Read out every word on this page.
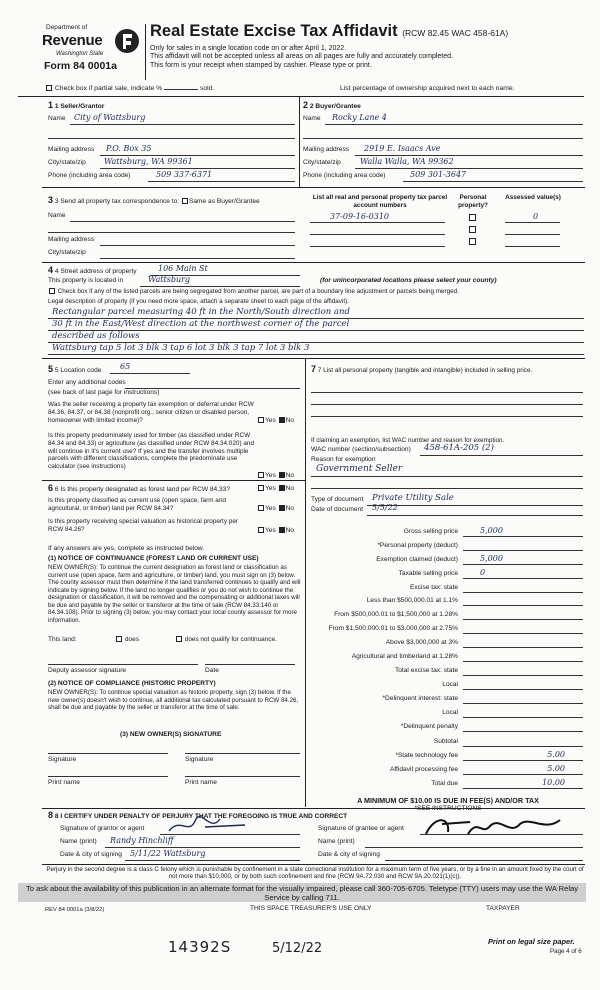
Department of
Revenue
Washington State
Form 84 0001a
Real Estate Excise Tax Affidavit (RCW 82.45 WAC 458-61A)
Only for sales in a single location code on or after April 1, 2022.
This affidavit will not be accepted unless all areas on all pages are fully and accurately completed.
This form is your receipt when stamped by cashier. Please type or print.
Check box if partial sale, indicate %	sold.	List percentage of ownership acquired next to each name.
1 1 Seller/Grantor
Name City of Wattsburg
Mailing address P.O. Box 35
City/state/zip Wattsburg, WA 99361
Phone (including area code)	509 337-6371
2 2 Buyer/Grantee
Name Rocky Lane 4
Mailing address 2919 E. Isaacs Ave
City/state/zip Walla Walla, WA 99362
Phone (including area code)	509 301-3647
3 3 Send all property tax correspondence to: Same as Buyer/Grantee
Name
Mailing address
City/state/zip
List all real and personal property tax parcel account numbers
Personal property?
Assessed value(s)
37-09-16-0310	0
4 4 Street address of property	106 Main St
This property is located in	Wattsburg	(for unincorporated locations please select your county)
Check box if any of the listed parcels are being segregated from another parcel, are part of a boundary line adjustment or parcels being merged.
Legal description of property (if you need more space, attach a separate sheet to each page of the affidavit).
Rectangular parcel measuring 40 ft in the North/South direction and
30 ft in the East/West direction at the northwest corner of the parcel
described as follows
Wattsburg tap 5 lot 3 blk 3 tap 6 lot 3 blk 3 tap 7 lot 3 blk 3
5 5 Location code 65
Enter any additional codes
(see back of last page for instructions)
Was the seller receiving a property tax exemption or deferral under RCW 84.36, 84.37, or 84.38 (nonprofit org., senior citizen or disabled person, homeowner with limited income)?	Yes No
Is this property predominately used for timber (as classified under RCW 84.34 and 84.33) or agriculture (as classified under RCW 84.34.020) and will continue in it's current use? If yes and the transfer involves multiple parcels with different classifications, complete the predominate use calculator (see instructions)
Yes No
6 6 Is this property designated as forest land per RCW 84.33?	Yes No
Is this property classified as current use (open space, farm and agricultural, or timber) land per RCW 84.34?	Yes No
Is this property receiving special valuation as historical property per RCW 84.26?	Yes No
If any answers are yes, complete as instructed below.
(1) NOTICE OF CONTINUANCE (FOREST LAND OR CURRENT USE)
NEW OWNER(S): To continue the current designation as forest land or classification as current use (open space, farm and agriculture, or timber) land, you must sign on (3) below. The county assessor must then determine if the land transferred continues to qualify and will indicate by signing below. If the land no longer qualifies or you do not wish to continue the designation or classification, it will be removed and the compensating or additional taxes will be due and payable by the seller or transferor at the time of sale (RCW 84.33.140 or 84.34.108). Prior to signing (3) below, you may contact your local county assessor for more information.
This land:	does	does not qualify for continuance.
Deputy assessor signature	Date
(2) NOTICE OF COMPLIANCE (HISTORIC PROPERTY)
NEW OWNER(S): To continue special valuation as historic property, sign (3) below. If the new owner(s) doesn't wish to continue, all additional tax calculated pursuant to RCW 84.26, shall be due and payable by the seller or transferor at the time of sale.
(3) NEW OWNER(S) SIGNATURE
Signature	Signature
Print name	Print name
7 7 List all personal property (tangible and intangible) included in selling price.
If claiming an exemption, list WAC number and reason for exemption.
WAC number (section/subsection) 458-61A-205 (2)
Reason for exemption
Government Seller
Type of document Private Utility Sale
Date of document 5/5/22
Gross selling price	5,000
*Personal property (deduct)
Exemption claimed (deduct)	5,000
Taxable selling price	0
Excise tax: state
Less than $500,000.01 at 1.1%
From $500,000.01 to $1,500,000 at 1.28%
From $1,500,000.01 to $3,000,000 at 2.75%
Above $3,000,000 at 3%
Agricultural and timberland at 1.28%
Total excise tax: state
Local
*Delinquent interest: state
Local
*Delinquent penalty
Subtotal
*State technology fee	5.00
Affidavit processing fee	5.00
Total due	10.00
A MINIMUM OF $10.00 IS DUE IN FEE(S) AND/OR TAX
*SEE INSTRUCTIONS
8 8 I CERTIFY UNDER PENALTY OF PERJURY THAT THE FOREGOING IS TRUE AND CORRECT
Signature of grantor or agent
Name (print) Randy Hinchliff
Date & city of signing 5/11/22 Wattsburg
Signature of grantee or agent
Name (print)
Date & city of signing
Perjury in the second degree is a class C felony which is punishable by confinement in a state correctional institution for a maximum term of five years, or by a fine in an amount fixed by the court of not more than $10,000, or by both such confinement and fine (RCW 9A.72.030 and RCW 9A.20.021(1)(c)).
To ask about the availability of this publication in an alternate format for the visually impaired, please call 360-705-6705. Teletype (TTY) users may use the WA Relay Service by calling 711.
REV 84 0001a (3/8/22)	THIS SPACE TREASURER'S USE ONLY	TAXPAYER
14392S	5/12/22	Print on legal size paper.
Page 4 of 6
